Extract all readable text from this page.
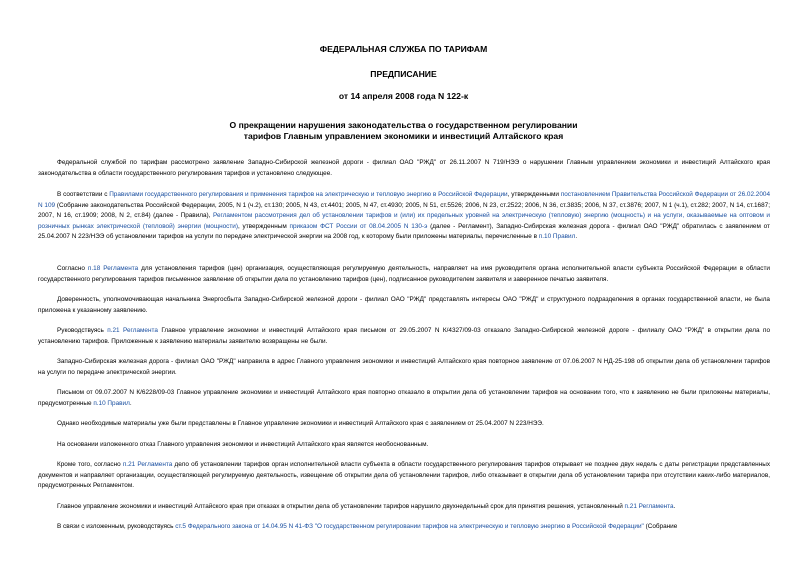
ФЕДЕРАЛЬНАЯ СЛУЖБА ПО ТАРИФАМ
ПРЕДПИСАНИЕ
от 14 апреля 2008 года N 122-к
О прекращении нарушения законодательства о государственном регулировании
тарифов Главным управлением экономики и инвестиций Алтайского края

Федеральной службой по тарифам рассмотрено заявление Западно-Сибирской железной дороги - филиал ОАО "РЖД" от 26.11.2007 N 719/НЭЭ о нарушении Главным управлением экономики и инвестиций Алтайского края законодательства в области государственного регулирования тарифов и установлено следующее.

В соответствии с Правилами государственного регулирования и применения тарифов на электрическую и тепловую энергию в Российской Федерации, утвержденными постановлением Правительства Российской Федерации от 26.02.2004 N 109 (Собрание законодательства Российской Федерации, 2005, N 1 (ч.2), ст.130; 2005, N 43, ст.4401; 2005, N 47, ст.4930; 2005, N 51, ст.5526; 2006, N 23, ст.2522; 2006, N 36, ст.3835; 2006, N 37, ст.3876; 2007, N 1 (ч.1), ст.282; 2007, N 14, ст.1687; 2007, N 16, ст.1909; 2008, N 2, ст.84) (далее - Правила), Регламентом рассмотрения дел об установлении тарифов и (или) их предельных уровней на электрическую (тепловую) энергию (мощность) и на услуги, оказываемые на оптовом и розничных рынках электрической (тепловой) энергии (мощности), утвержденным приказом ФСТ России от 08.04.2005 N 130-э (далее - Регламент), Западно-Сибирская железная дорога - филиал ОАО "РЖД" обратилась с заявлением от 25.04.2007 N 223/НЭЭ об установлении тарифов на услуги по передаче электрической энергии на 2008 год, к которому были приложены материалы, перечисленные в п.10 Правил.

Согласно п.18 Регламента для установления тарифов (цен) организация, осуществляющая регулируемую деятельность, направляет на имя руководителя органа исполнительной власти субъекта Российской Федерации в области государственного регулирования тарифов письменное заявление об открытии дела по установлению тарифов (цен), подписанное руководителем заявителя и заверенное печатью заявителя.

Доверенность, уполномочивающая начальника Энергосбыта Западно-Сибирской железной дороги - филиал ОАО "РЖД" представлять интересы ОАО "РЖД" и структурного подразделения в органах государственной власти, не была приложена к указанному заявлению.

Руководствуясь п.21 Регламента Главное управление экономики и инвестиций Алтайского края письмом от 29.05.2007 N К/4327/09-03 отказало Западно-Сибирской железной дороге - филиалу ОАО "РЖД" в открытии дела по установлению тарифов. Приложенные к заявлению материалы заявителю возвращены не были.

Западно-Сибирская железная дорога - филиал ОАО "РЖД" направила в адрес Главного управления экономики и инвестиций Алтайского края повторное заявление от 07.06.2007 N НД-25-198 об открытии дела об установлении тарифов на услуги по передаче электрической энергии.

Письмом от 09.07.2007 N К/6228/09-03 Главное управление экономики и инвестиций Алтайского края повторно отказало в открытии дела об установлении тарифов на основании того, что к заявлению не были приложены материалы, предусмотренные п.10 Правил.

Однако необходимые материалы уже были представлены в Главное управление экономики и инвестиций Алтайского края с заявлением от 25.04.2007 N 223/НЭЭ.

На основании изложенного отказ Главного управления экономики и инвестиций Алтайского края является необоснованным.

Кроме того, согласно п.21 Регламента дело об установлении тарифов орган исполнительной власти субъекта в области государственного регулирования тарифов открывает не позднее двух недель с даты регистрации представленных документов и направляет организации, осуществляющей регулируемую деятельность, извещение об открытии дела об установлении тарифов, либо отказывает в открытии дела об установлении тарифа при отсутствии каких-либо материалов, предусмотренных Регламентом.

Главное управление экономики и инвестиций Алтайского края при отказах в открытии дела об установлении тарифов нарушило двухнедельный срок для принятия решения, установленный п.21 Регламента.

В связи с изложенным, руководствуясь ст.5 Федерального закона от 14.04.95 N 41-ФЗ "О государственном регулировании тарифов на электрическую и тепловую энергию в Российской Федерации" (Собрание
